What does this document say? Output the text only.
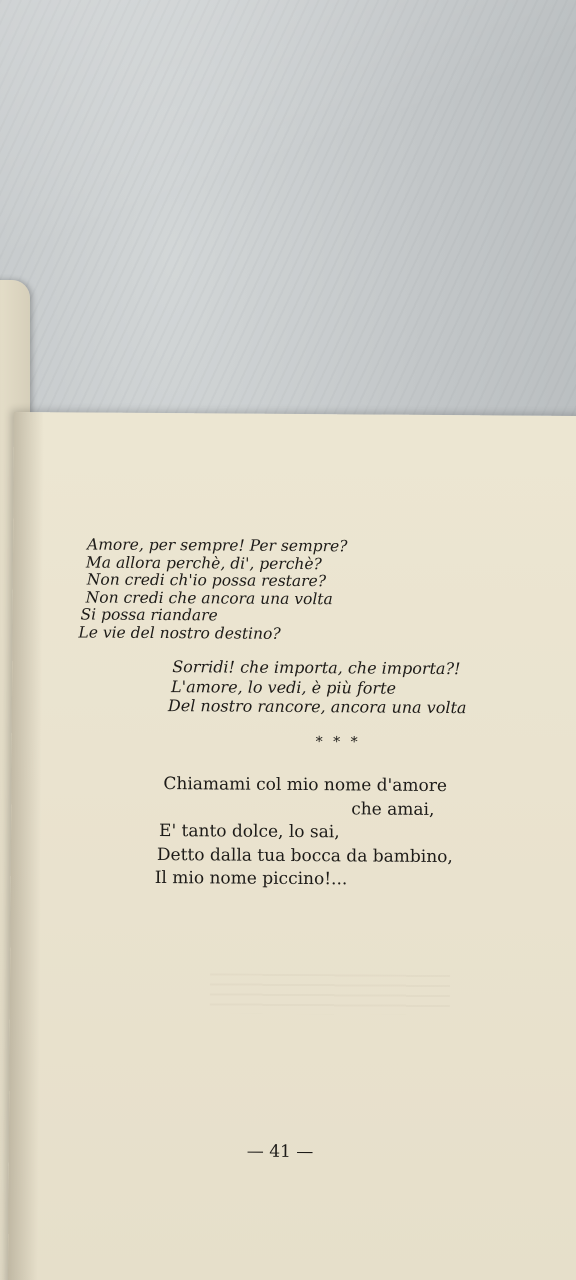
Amore, per sempre! Per sempre?
Ma allora perchè, di', perchè?
Non credi ch'io possa restare?
Non credi che ancora una volta
Si possa riandare
Le vie del nostro destino?

Sorridi! che importa, che importa?!
L'amore, lo vedi, è più forte
Del nostro rancore, ancora una volta

* * *

Chiamami col mio nome d'amore
che amai,
E' tanto dolce, lo sai,
Detto dalla tua bocca da bambino,
Il mio nome piccino!...

— 41 —
